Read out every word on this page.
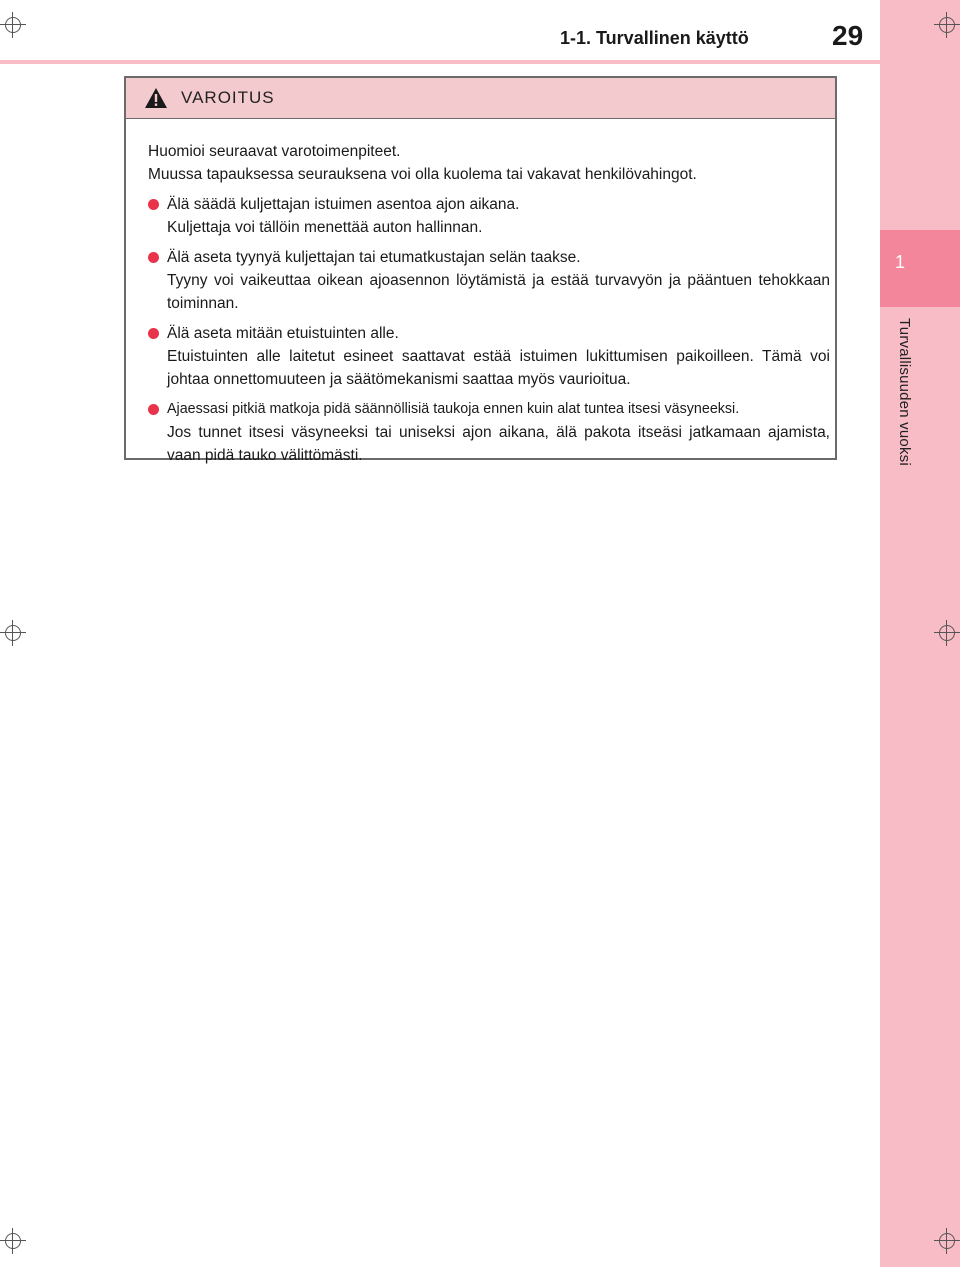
1
Turvallisuuden vuoksi
1-1. Turvallinen käyttö	29
VAROITUS
Huomioi seuraavat varotoimenpiteet.
Muussa tapauksessa seurauksena voi olla kuolema tai vakavat henkilövahingot.
Älä säädä kuljettajan istuimen asentoa ajon aikana.
Kuljettaja voi tällöin menettää auton hallinnan.
Älä aseta tyynyä kuljettajan tai etumatkustajan selän taakse.
Tyyny voi vaikeuttaa oikean ajoasennon löytämistä ja estää turvavyön ja pääntuen tehokkaan toiminnan.
Älä aseta mitään etuistuinten alle.
Etuistuinten alle laitetut esineet saattavat estää istuimen lukittumisen paikoilleen. Tämä voi johtaa onnettomuuteen ja säätömekanismi saattaa myös vaurioitua.
Ajaessasi pitkiä matkoja pidä säännöllisiä taukoja ennen kuin alat tuntea itsesi väsyneeksi.
Jos tunnet itsesi väsyneeksi tai uniseksi ajon aikana, älä pakota itseäsi jatkamaan ajamista, vaan pidä tauko välittömästi.
